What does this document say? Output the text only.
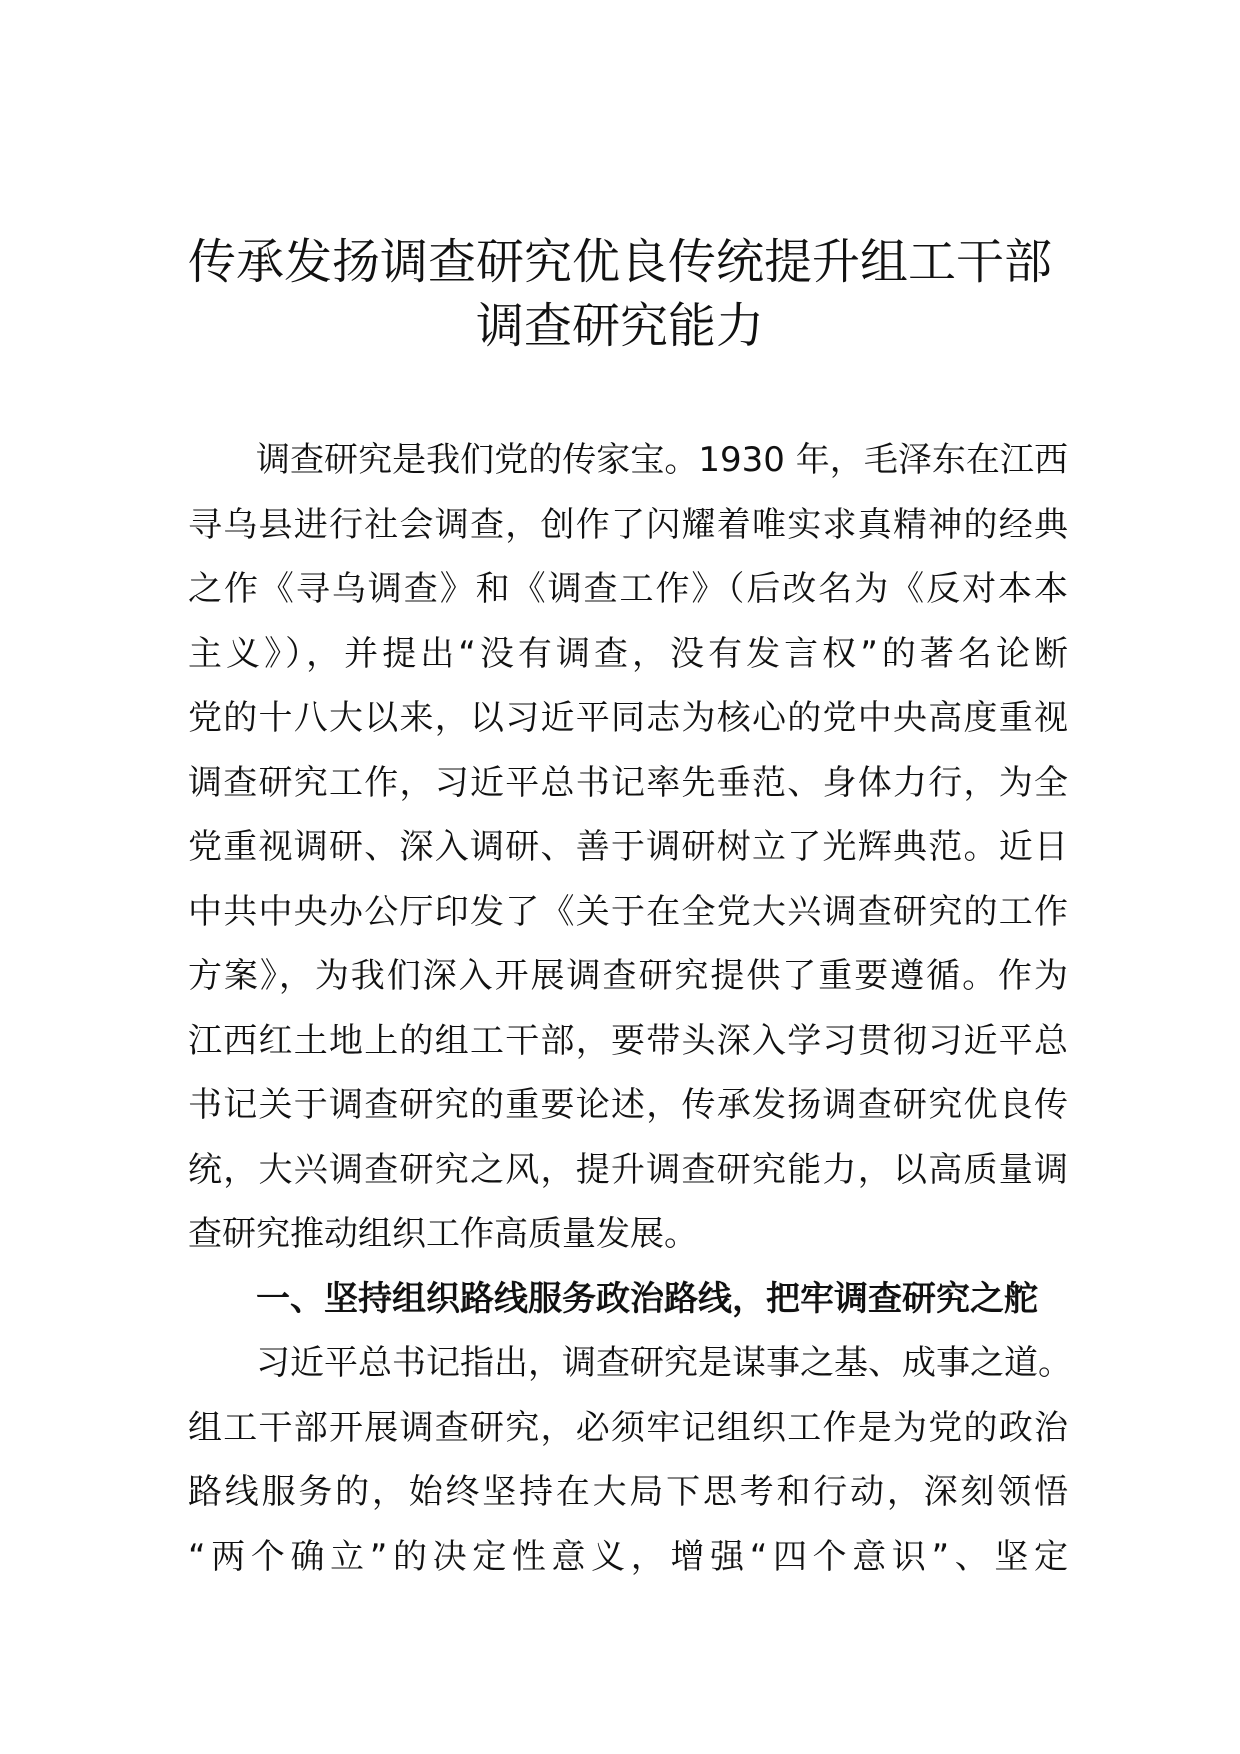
传承发扬调查研究优良传统提升组工干部
调查研究能力
调查研究是我们党的传家宝。1930 年，毛泽东在江西
寻乌县进行社会调查，创作了闪耀着唯实求真精神的经典
之作《寻乌调查》和《调查工作》（后改名为《反对本本
主义》），并提出“没有调查，没有发言权”的著名论断
党的十八大以来，以习近平同志为核心的党中央高度重视
调查研究工作，习近平总书记率先垂范、身体力行，为全
党重视调研、深入调研、善于调研树立了光辉典范。近日
中共中央办公厅印发了《关于在全党大兴调查研究的工作
方案》，为我们深入开展调查研究提供了重要遵循。作为
江西红土地上的组工干部，要带头深入学习贯彻习近平总
书记关于调查研究的重要论述，传承发扬调查研究优良传
统，大兴调查研究之风，提升调查研究能力，以高质量调
查研究推动组织工作高质量发展。
一、坚持组织路线服务政治路线，把牢调查研究之舵
习近平总书记指出，调查研究是谋事之基、成事之道。
组工干部开展调查研究，必须牢记组织工作是为党的政治
路线服务的，始终坚持在大局下思考和行动，深刻领悟
“两个确立”的决定性意义，增强“四个意识”、坚定
